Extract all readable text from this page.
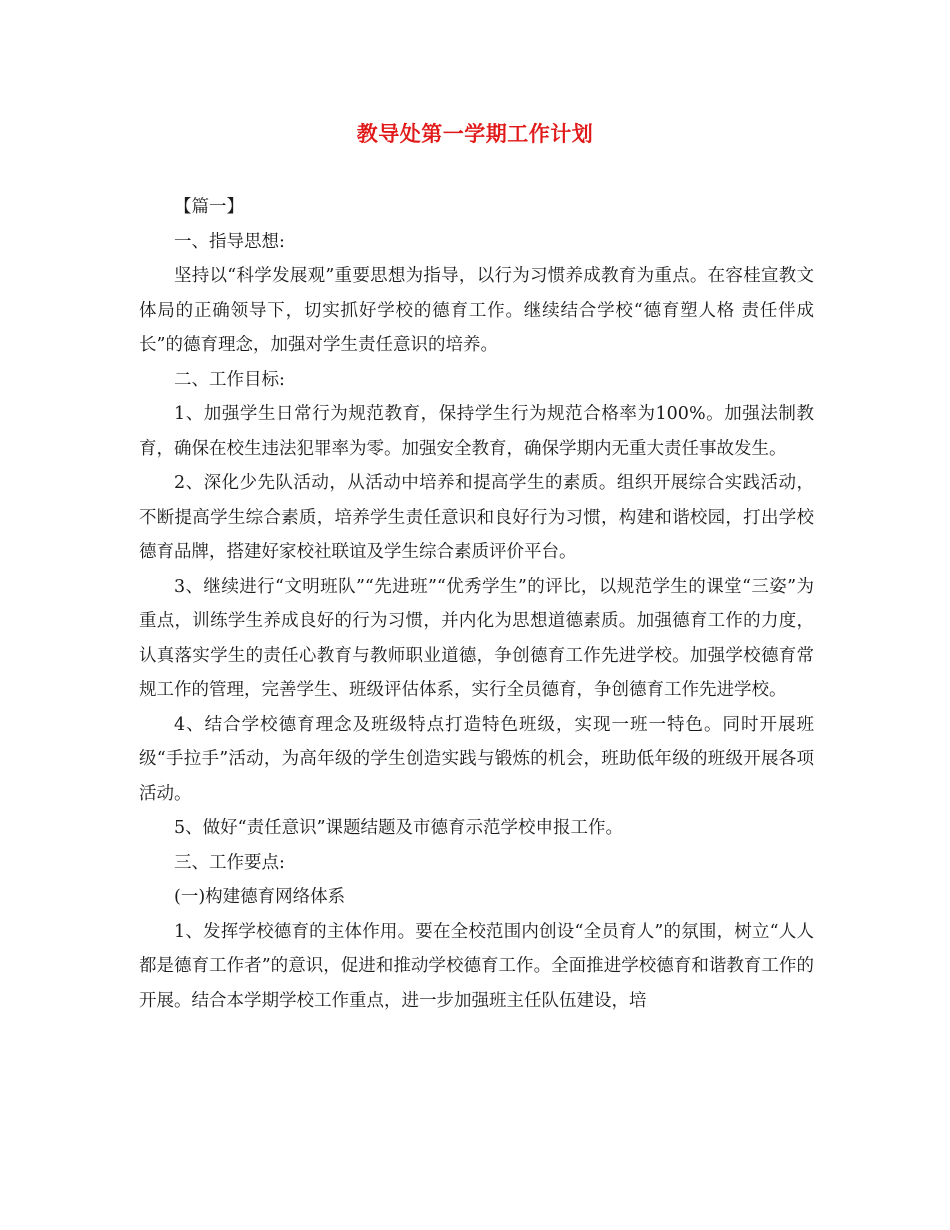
教导处第一学期工作计划

【篇一】

一、指导思想:

坚持以“科学发展观”重要思想为指导，以行为习惯养成教育为重点。在容桂宣教文体局的正确领导下，切实抓好学校的德育工作。继续结合学校“德育塑人格 责任伴成长”的德育理念，加强对学生责任意识的培养。

二、工作目标:

1、加强学生日常行为规范教育，保持学生行为规范合格率为100%。加强法制教育，确保在校生违法犯罪率为零。加强安全教育，确保学期内无重大责任事故发生。

2、深化少先队活动，从活动中培养和提高学生的素质。组织开展综合实践活动，不断提高学生综合素质，培养学生责任意识和良好行为习惯，构建和谐校园，打出学校德育品牌，搭建好家校社联谊及学生综合素质评价平台。

3、继续进行“文明班队”“先进班”“优秀学生”的评比，以规范学生的课堂“三姿”为重点，训练学生养成良好的行为习惯，并内化为思想道德素质。加强德育工作的力度，认真落实学生的责任心教育与教师职业道德，争创德育工作先进学校。加强学校德育常规工作的管理，完善学生、班级评估体系，实行全员德育，争创德育工作先进学校。

4、结合学校德育理念及班级特点打造特色班级，实现一班一特色。同时开展班级“手拉手”活动，为高年级的学生创造实践与锻炼的机会，班助低年级的班级开展各项活动。

5、做好“责任意识”课题结题及市德育示范学校申报工作。

三、工作要点:

(一)构建德育网络体系

1、发挥学校德育的主体作用。要在全校范围内创设“全员育人”的氛围，树立“人人都是德育工作者”的意识，促进和推动学校德育工作。全面推进学校德育和谐教育工作的开展。结合本学期学校工作重点，进一步加强班主任队伍建设，培
